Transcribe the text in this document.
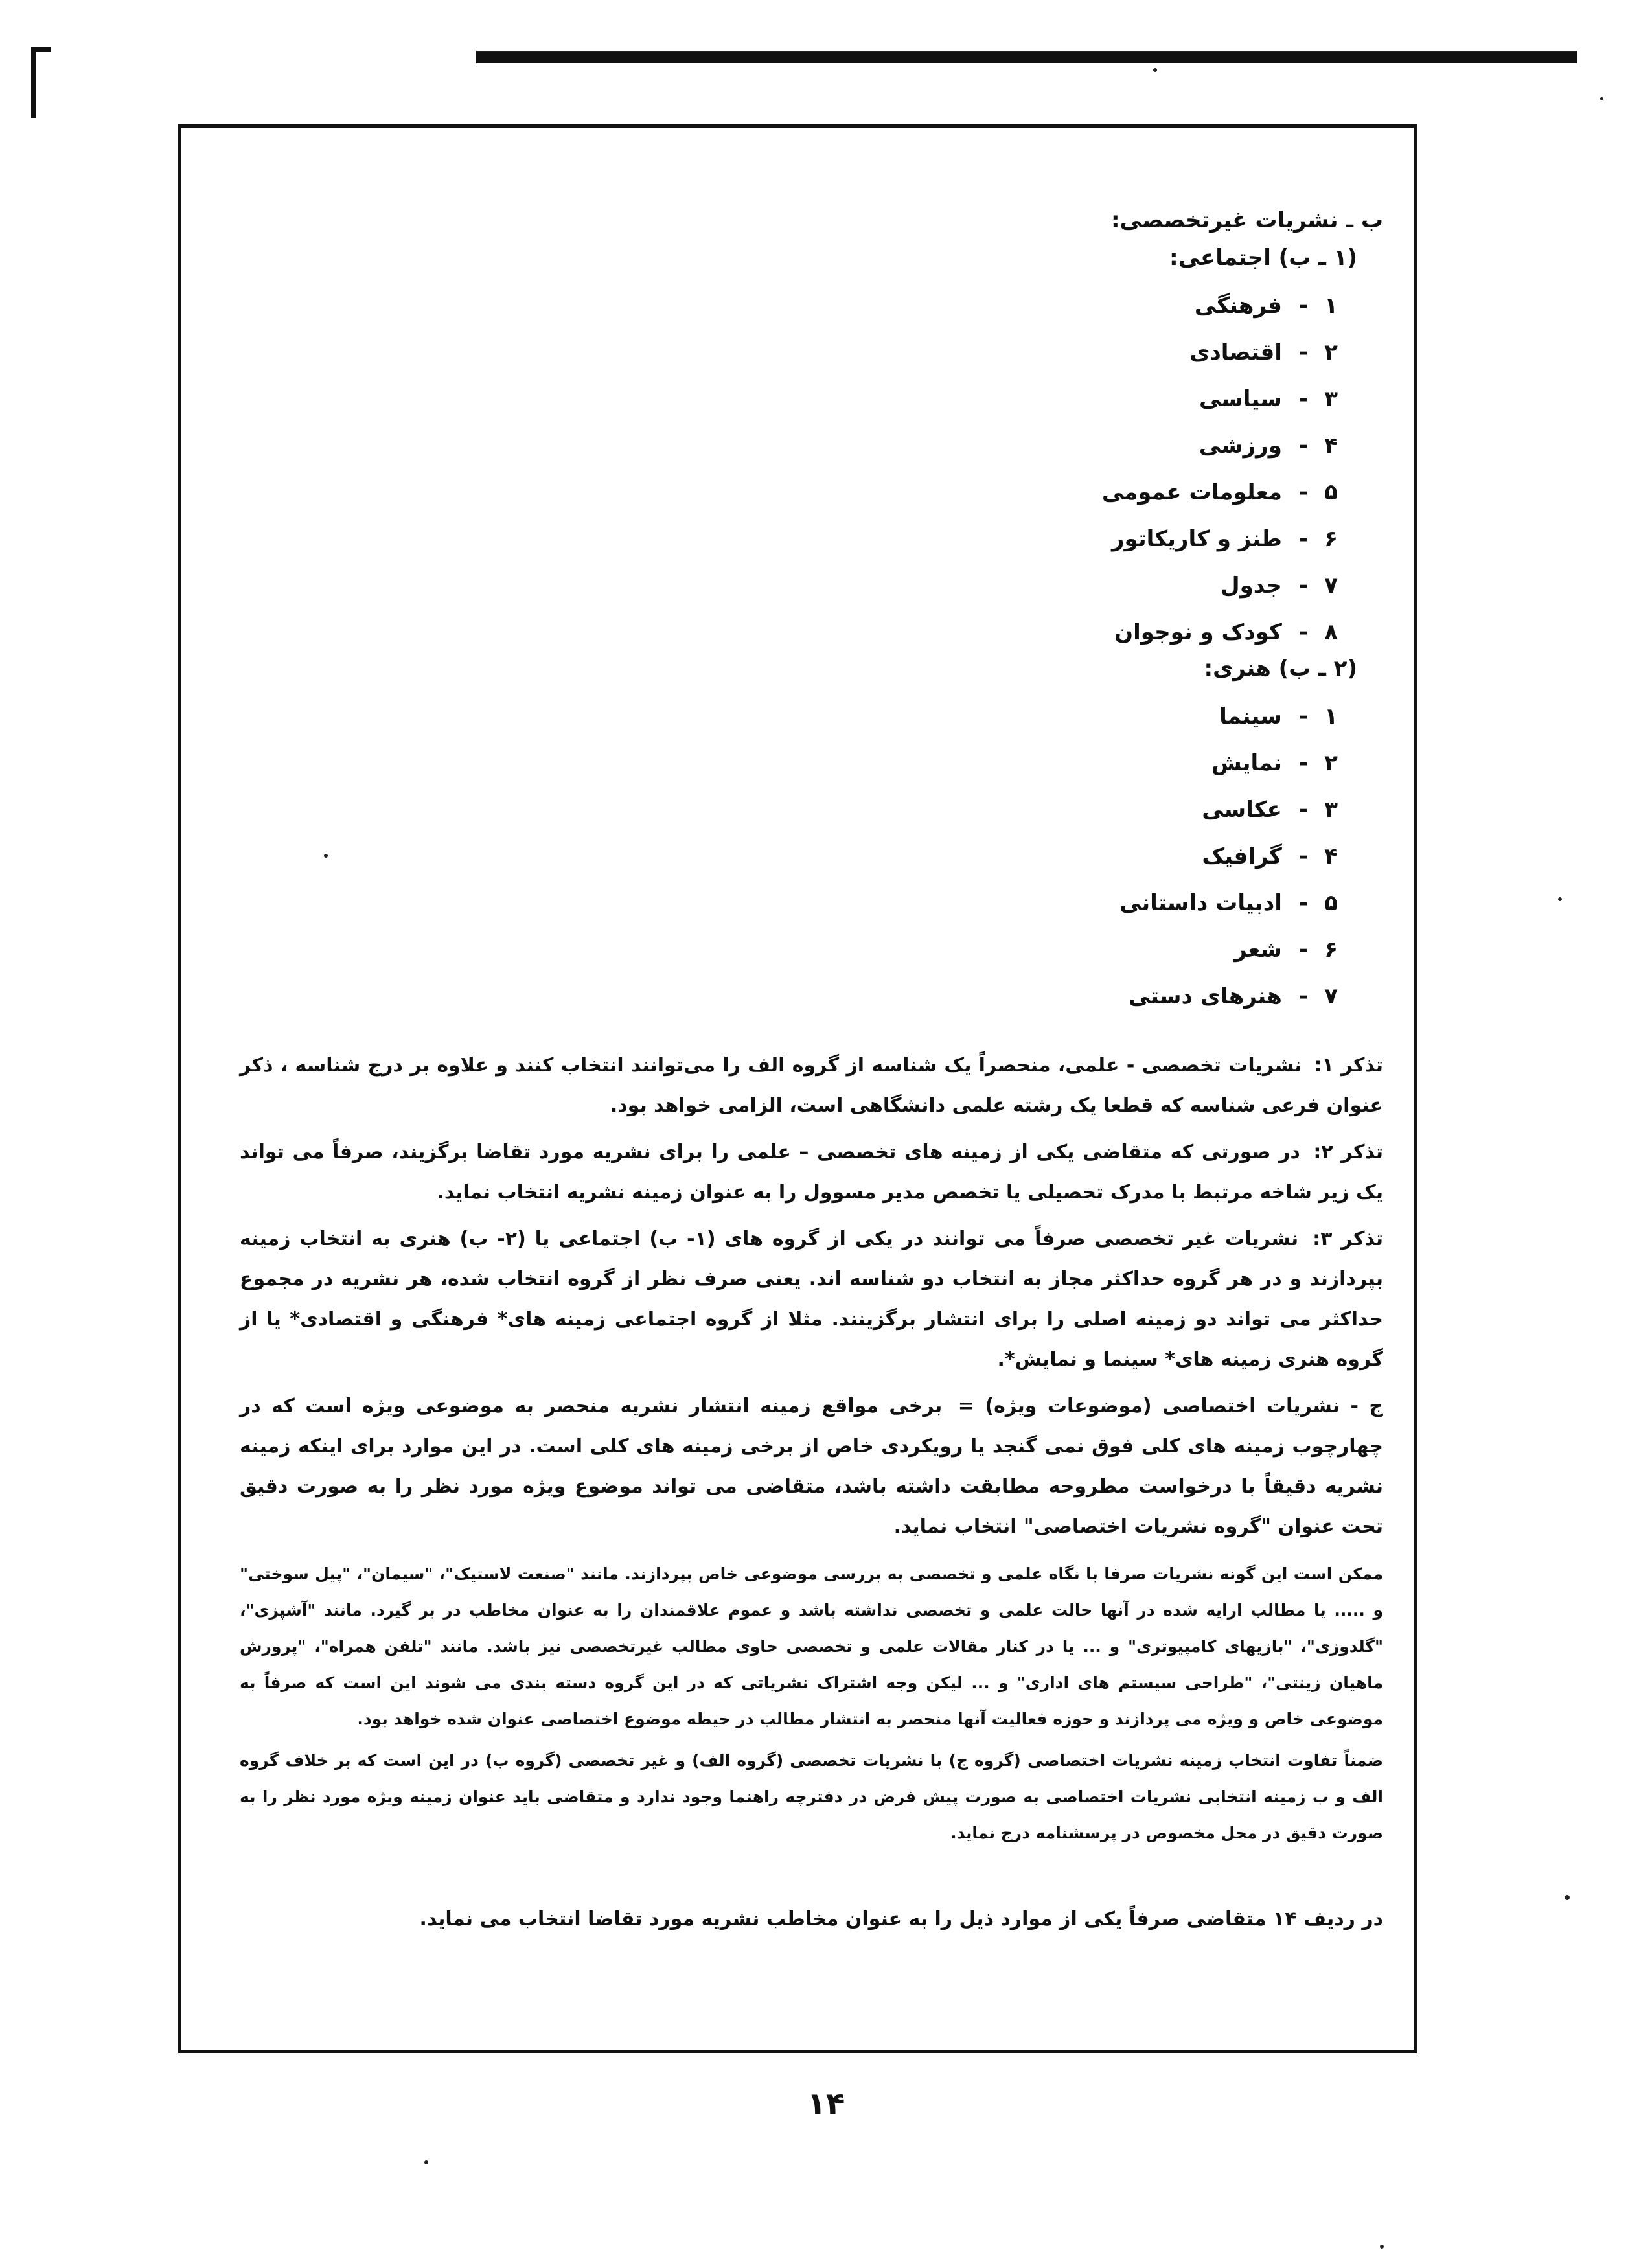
ب ـ نشریات غیرتخصصی:
(۱ ـ ب) اجتماعی:
۱-فرهنگی
۲-اقتصادی
۳-سیاسی
۴-ورزشی
۵-معلومات عمومی
۶-طنز و کاریکاتور
۷-جدول
۸-کودک و نوجوان
(۲ ـ ب) هنری:
۱-سینما
۲-نمایش
۳-عکاسی
۴-گرافیک
۵-ادبیات داستانی
۶-شعر
۷-هنرهای دستی

تذکر ۱: نشریات تخصصی - علمی، منحصراً یک شناسه از گروه الف را می‌توانند انتخاب کنند و علاوه بر درج شناسه ، ذکر عنوان فرعی شناسه که قطعا یک رشته علمی دانشگاهی است، الزامی خواهد بود.

تذکر ۲: در صورتی که متقاضی یکی از زمینه های تخصصی – علمی را برای نشریه مورد تقاضا برگزیند، صرفاً می تواند یک زیر شاخه مرتبط با مدرک تحصیلی یا تخصص مدیر مسوول را به عنوان زمینه نشریه انتخاب نماید.

تذکر ۳: نشریات غیر تخصصی صرفاً می توانند در یکی از گروه های (۱- ب) اجتماعی یا (۲- ب) هنری به انتخاب زمینه بپردازند و در هر گروه حداکثر مجاز به انتخاب دو شناسه اند. یعنی صرف نظر از گروه انتخاب شده، هر نشریه در مجموع حداکثر می تواند دو زمینه اصلی را برای انتشار برگزینند. مثلا از گروه اجتماعی زمینه های* فرهنگی و اقتصادی* یا از گروه هنری زمینه های* سینما و نمایش*.

ج - نشریات اختصاصی (موضوعات ویژه) = برخی مواقع زمینه انتشار نشریه منحصر به موضوعی ویژه است که در چهارچوب زمینه های کلی فوق نمی گنجد یا رویکردی خاص از برخی زمینه های کلی است. در این موارد برای اینکه زمینه نشریه دقیقاً با درخواست مطروحه مطابقت داشته باشد، متقاضی می تواند موضوع ویژه مورد نظر را به صورت دقیق تحت عنوان "گروه نشریات اختصاصی" انتخاب نماید.

ممکن است این گونه نشریات صرفا با نگاه علمی و تخصصی به بررسی موضوعی خاص بپردازند. مانند "صنعت لاستیک"، "سیمان"، "پیل سوختی" و ..... یا مطالب ارایه شده در آنها حالت علمی و تخصصی نداشته باشد و عموم علاقمندان را به عنوان مخاطب در بر گیرد. مانند "آشپزی"، "گلدوزی"، "بازیهای کامپیوتری" و ... یا در کنار مقالات علمی و تخصصی حاوی مطالب غیرتخصصی نیز باشد. مانند "تلفن همراه"، "پرورش ماهیان زینتی"، "طراحی سیستم های اداری" و ... لیکن وجه اشتراک نشریاتی که در این گروه دسته بندی می شوند این است که صرفاً به موضوعی خاص و ویژه می پردازند و حوزه فعالیت آنها منحصر به انتشار مطالب در حیطه موضوع اختصاصی عنوان شده خواهد بود.

ضمناً تفاوت انتخاب زمینه نشریات اختصاصی (گروه ج) با نشریات تخصصی (گروه الف) و غیر تخصصی (گروه ب) در این است که بر خلاف گروه الف و ب زمینه انتخابی نشریات اختصاصی به صورت پیش فرض در دفترچه راهنما وجود ندارد و متقاضی باید عنوان زمینه ویژه مورد نظر را به صورت دقیق در محل مخصوص در پرسشنامه درج نماید.

در ردیف ۱۴ متقاضی صرفاً یکی از موارد ذیل را به عنوان مخاطب نشریه مورد تقاضا انتخاب می نماید.
۱۴
